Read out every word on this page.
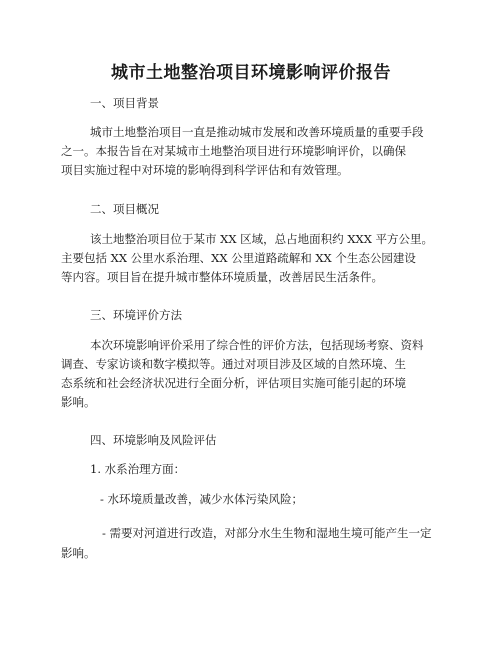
城市土地整治项目环境影响评价报告
一、项目背景
城市土地整治项目一直是推动城市发展和改善环境质量的重要手段
之一。本报告旨在对某城市土地整治项目进行环境影响评价，以确保
项目实施过程中对环境的影响得到科学评估和有效管理。
二、项目概况
该土地整治项目位于某市 XX 区域，总占地面积约 XXX 平方公里。
主要包括 XX 公里水系治理、XX 公里道路疏解和 XX 个生态公园建设
等内容。项目旨在提升城市整体环境质量，改善居民生活条件。
三、环境评价方法
本次环境影响评价采用了综合性的评价方法，包括现场考察、资料
调查、专家访谈和数字模拟等。通过对项目涉及区域的自然环境、生
态系统和社会经济状况进行全面分析，评估项目实施可能引起的环境
影响。
四、环境影响及风险评估
1. 水系治理方面：
- 水环境质量改善，减少水体污染风险；
- 需要对河道进行改造，对部分水生生物和湿地生境可能产生一定
影响。
